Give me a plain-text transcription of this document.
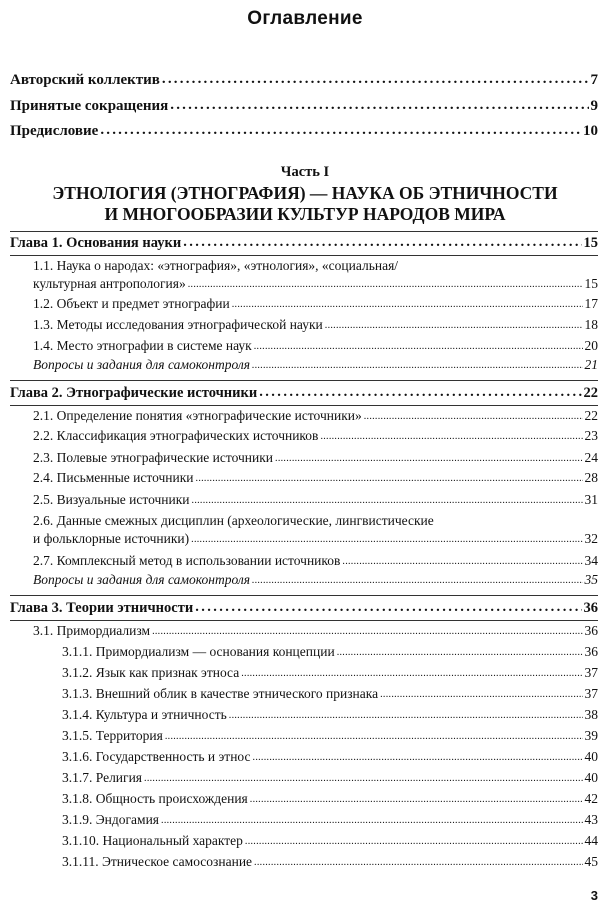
Оглавление
Авторский коллектив .....	7
Принятые сокращения .....	9
Предисловие .....	10
Часть I
ЭТНОЛОГИЯ (ЭТНОГРАФИЯ) — НАУКА ОБ ЭТНИЧНОСТИ
И МНОГООБРАЗИИ КУЛЬТУР НАРОДОВ МИРА
Глава 1. Основания науки .....	15
1.1. Наука о народах: «этнография», «этнология», «социальная/
культурная антропология» .....	15
1.2. Объект и предмет этнографии .....	17
1.3. Методы исследования этнографической науки .....	18
1.4. Место этнографии в системе наук .....	20
Вопросы и задания для самоконтроля .....	21
Глава 2. Этнографические источники .....	22
2.1. Определение понятия «этнографические источники» .....	22
2.2. Классификация этнографических источников .....	23
2.3. Полевые этнографические источники .....	24
2.4. Письменные источники .....	28
2.5. Визуальные источники .....	31
2.6. Данные смежных дисциплин (археологические, лингвистические
и фольклорные источники) .....	32
2.7. Комплексный метод в использовании источников .....	34
Вопросы и задания для самоконтроля .....	35
Глава 3. Теории этничности .....	36
3.1. Примордиализм .....	36
3.1.1. Примордиализм — основания концепции .....	36
3.1.2. Язык как признак этноса .....	37
3.1.3. Внешний облик в качестве этнического признака .....	37
3.1.4. Культура и этничность .....	38
3.1.5. Территория .....	39
3.1.6. Государственность и этнос .....	40
3.1.7. Религия .....	40
3.1.8. Общность происхождения .....	42
3.1.9. Эндогамия .....	43
3.1.10. Национальный характер .....	44
3.1.11. Этническое самосознание .....	45
3
